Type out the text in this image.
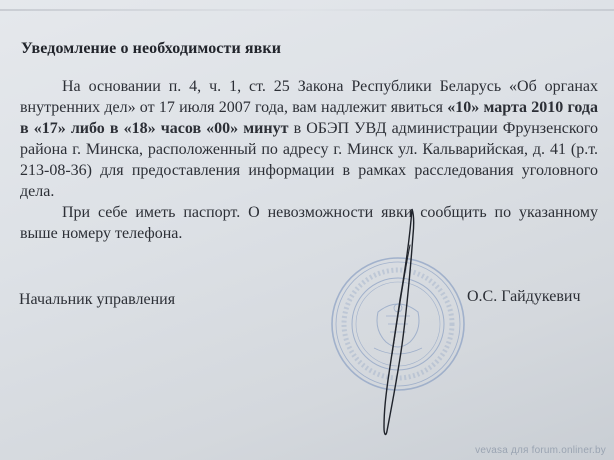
Уведомление о необходимости явки

На основании п. 4, ч. 1, ст. 25 Закона Республики Беларусь «Об органах внутренних дел» от 17 июля 2007 года, вам надлежит явиться «10» марта 2010 года в «17» либо в «18» часов «00» минут в ОБЭП УВД администрации Фрунзенского района г. Минска, расположенный по адресу г. Минск ул. Кальварийская, д. 41 (р.т. 213-08-36) для предоставления информации в рамках расследования уголовного дела.

При себе иметь паспорт. О невозможности явки сообщить по указанному выше номеру телефона.

Начальник управления	О.С. Гайдукевич
vevasa для forum.onliner.by
